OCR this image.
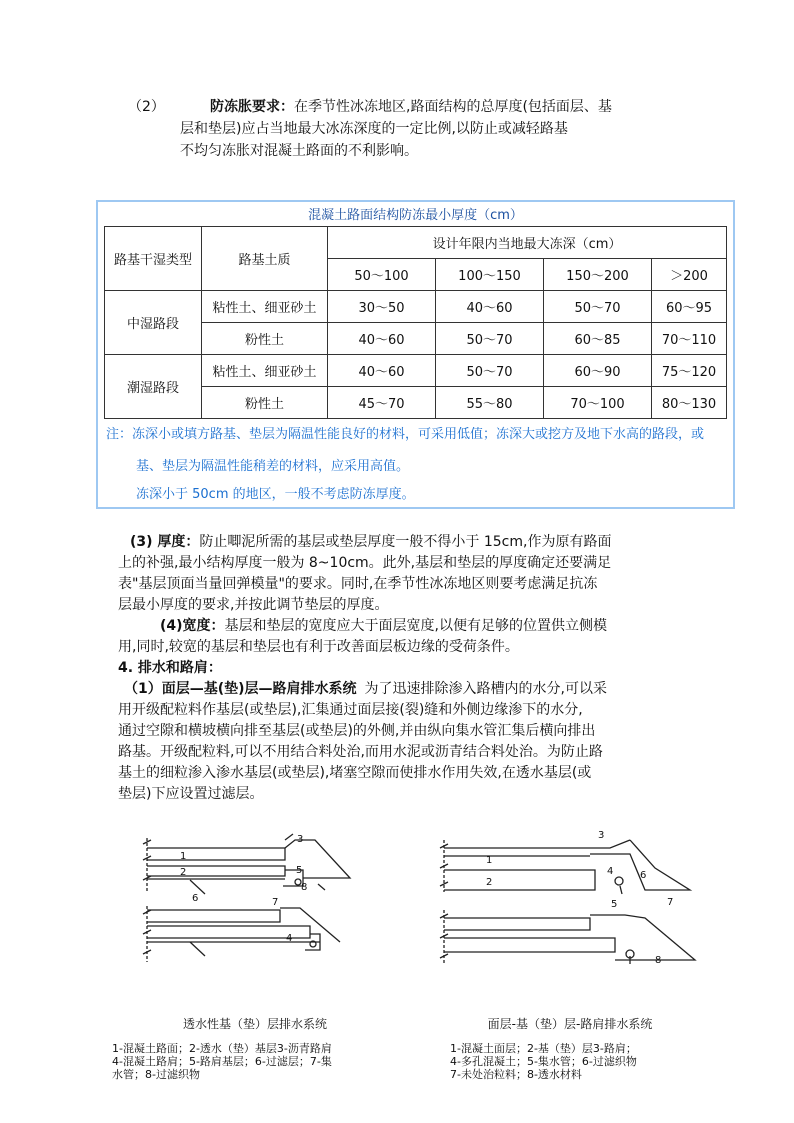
（2）	防冻胀要求：在季节性冰冻地区,路面结构的总厚度(包括面层、基
层和垫层)应占当地最大冰冻深度的一定比例,以防止或减轻路基
不均匀冻胀对混凝土路面的不利影响。
混凝土路面结构防冻最小厚度（cm）
路基干湿类型	路基土质	设计年限内当地最大冻深（cm）			
		50～100	100～150	150～200	＞200
中湿路段	粘性土、细亚砂土	30～50	40～60	50～70	60～95
	粉性土	40～60	50～70	60～85	70～110
潮湿路段	粘性土、细亚砂土	40～60	50～70	60～90	75～120
	粉性土	45～70	55～80	70～100	80～130
注：冻深小或填方路基、垫层为隔温性能良好的材料，可采用低值；冻深大或挖方及地下水高的路段，或
基、垫层为隔温性能稍差的材料，应采用高值。
冻深小于 50cm 的地区，一般不考虑防冻厚度。
(3) 厚度：防止唧泥所需的基层或垫层厚度一般不得小于 15cm,作为原有路面
上的补强,最小结构厚度一般为 8~10cm。此外,基层和垫层的厚度确定还要满足
表"基层顶面当量回弹模量"的要求。同时,在季节性冰冻地区则要考虑满足抗冻
层最小厚度的要求,并按此调节垫层的厚度。
(4)宽度：基层和垫层的宽度应大于面层宽度,以便有足够的位置供立侧模
用,同时,较宽的基层和垫层也有利于改善面层板边缘的受荷条件。
4. 排水和路肩：
（1）面层—基(垫)层—路肩排水系统 为了迅速排除渗入路槽内的水分,可以采
用开级配粒料作基层(或垫层),汇集通过面层接(裂)缝和外侧边缘渗下的水分,
通过空隙和横坡横向排至基层(或垫层)的外侧,并由纵向集水管汇集后横向排出
路基。开级配粒料,可以不用结合料处治,而用水泥或沥青结合料处治。为防止路
基土的细粒渗入渗水基层(或垫层),堵塞空隙而使排水作用失效,在透水基层(或
垫层)下应设置过滤层。
1
2
3
4
5
6	7
8
透水性基（垫）层排水系统
1-混凝土路面；2-透水（垫）基层3-沥青路肩
4-混凝土路肩；5-路肩基层；6-过滤层；7-集
水管；8-过滤织物
1
2
3
4
5
6
7
8
面层-基（垫）层-路肩排水系统
1-混凝土面层；2-基（垫）层3-路肩；
4-多孔混凝土；5-集水管；6-过滤织物
7-未处治粒料；8-透水材料
